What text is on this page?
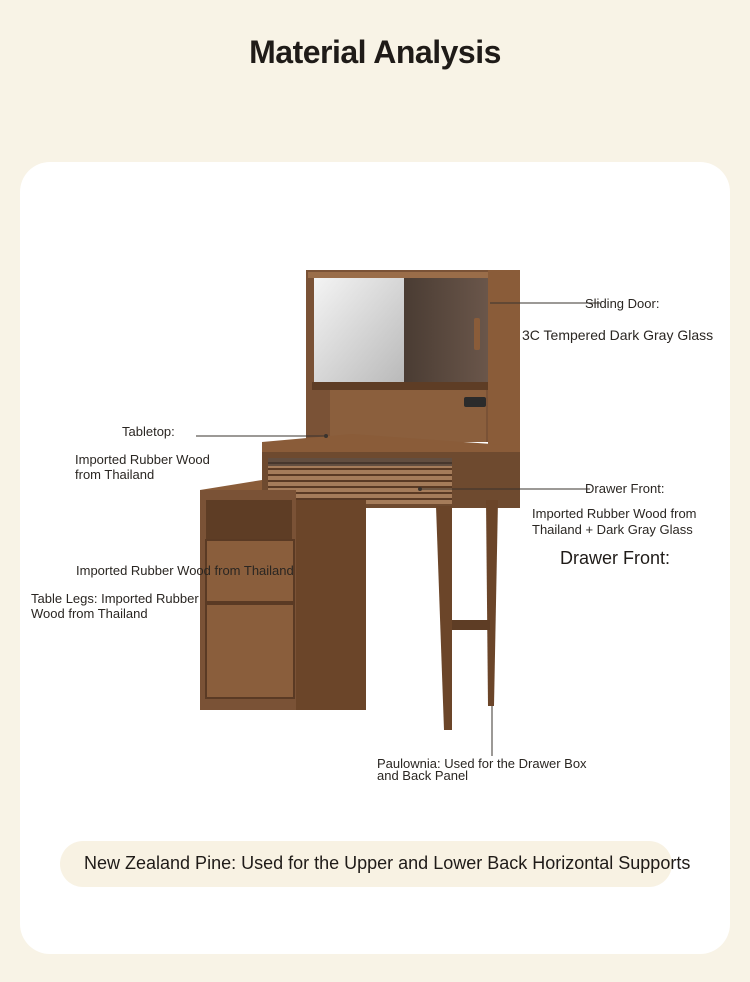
Material Analysis
Sliding Door:
3C Tempered Dark Gray Glass
Tabletop:
Imported Rubber Wood
from Thailand
Drawer Front:
Imported Rubber Wood from
Thailand + Dark Gray Glass
Drawer Front:
Imported Rubber Wood from Thailand
Table Legs: Imported Rubber
Wood from Thailand
Paulownia: Used for the Drawer Box
and Back Panel
New Zealand Pine: Used for the Upper and Lower Back Horizontal Supports
